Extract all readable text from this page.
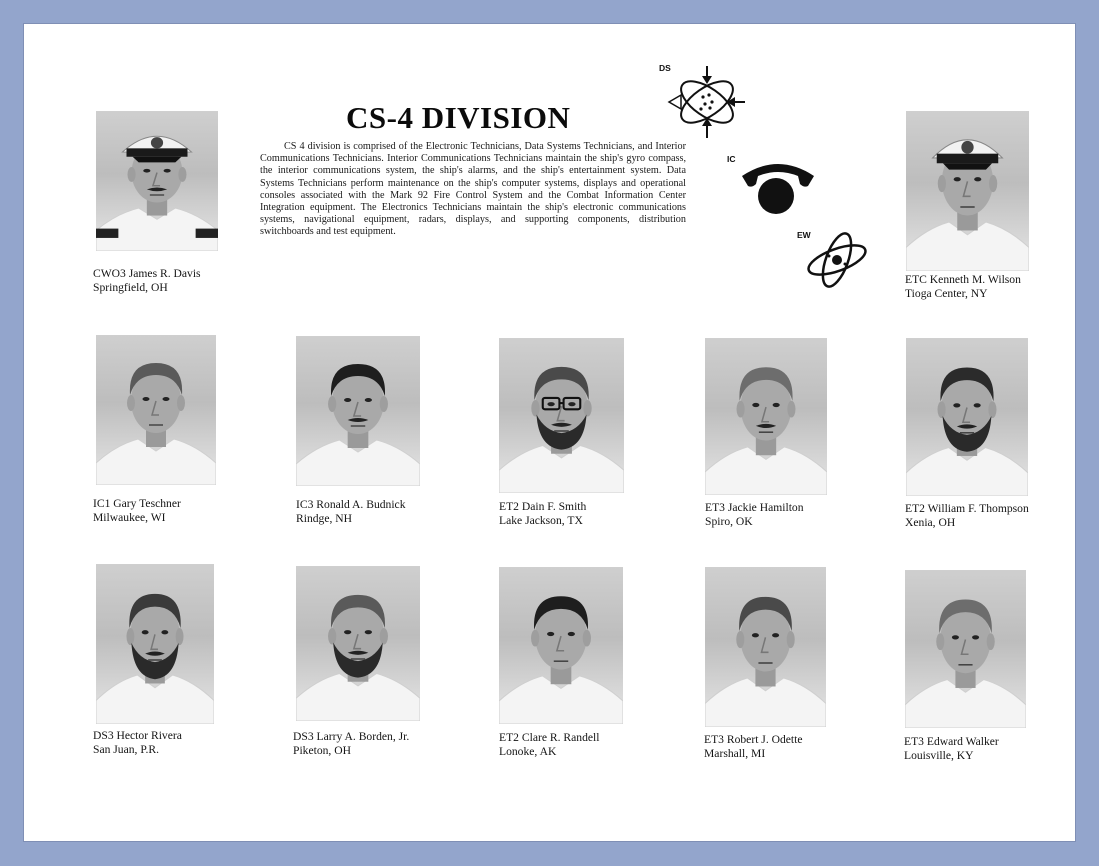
CS-4 DIVISION
CS 4 division is comprised of the Electronic Technicians, Data Systems Technicians, and Interior Communications Technicians. Interior Communications Technicians maintain the ship's gyro compass, the interior communications system, the ship's alarms, and the ship's entertainment system. Data Systems Technicians perform maintenance on the ship's computer systems, displays and operational consoles associated with the Mark 92 Fire Control System and the Combat Information Center Integration equipment. The Electronics Technicians maintain the ship's electronic communications systems, navigational equipment, radars, displays, and supporting components, distribution switchboards and test equipment.
DS
IC
EW
CWO3 James R. Davis
Springfield, OH
ETC Kenneth M. Wilson
Tioga Center, NY
IC1 Gary Teschner
Milwaukee, WI
IC3 Ronald A. Budnick
Rindge, NH
ET2 Dain F. Smith
Lake Jackson, TX
ET3 Jackie Hamilton
Spiro, OK
ET2 William F. Thompson
Xenia, OH
DS3 Hector Rivera
San Juan, P.R.
DS3 Larry A. Borden, Jr.
Piketon, OH
ET2 Clare R. Randell
Lonoke, AK
ET3 Robert J. Odette
Marshall, MI
ET3 Edward Walker
Louisville, KY
